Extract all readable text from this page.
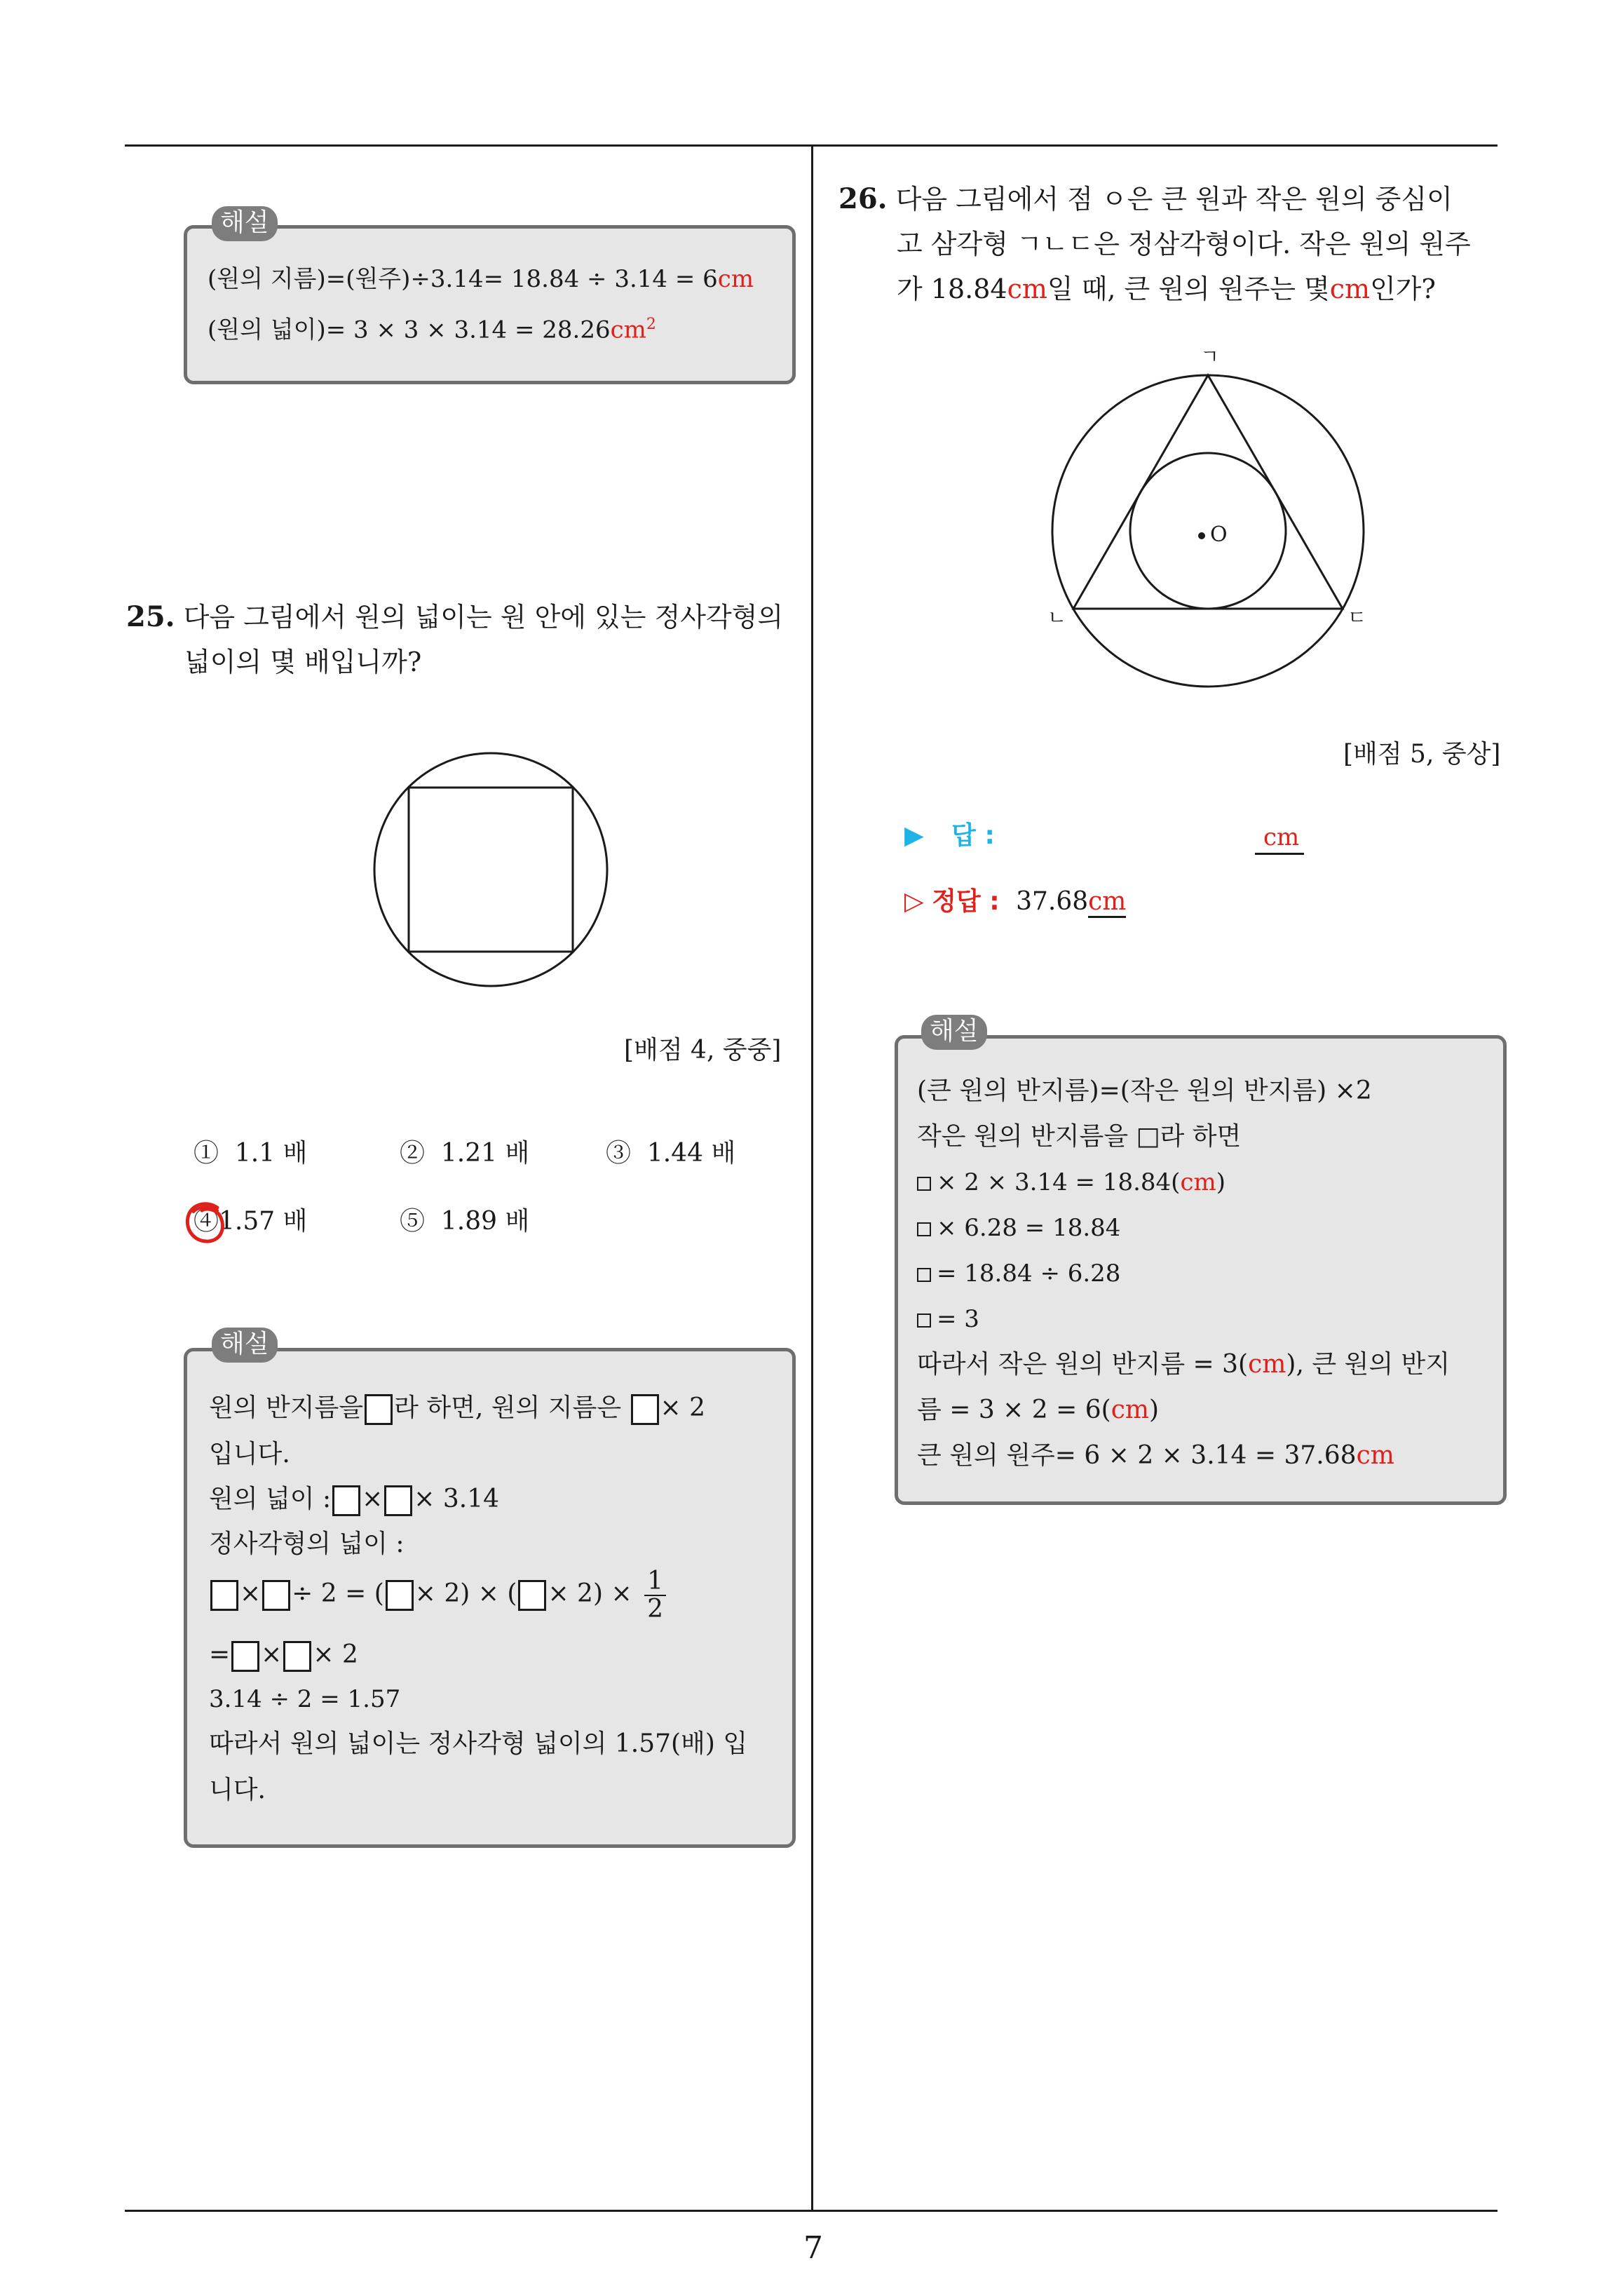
해설
(원의 지름)=(원주)÷3.14= 18.84 ÷ 3.14 = 6cm
(원의 넓이)= $3 \times 3 \times 3.14 = 28.26cm^2$
25. 다음 그림에서 원의 넓이는 원 안에 있는 정사각형의
넓이의 몇 배입니까?
[배점 4, 중중]
① 1.1 배	② 1.21 배	③ 1.44 배
④1.57 배	⑤ 1.89 배
해설
원의 반지름을 라 하면, 원의 지름은 × 2
입니다.
원의 넓이 : × × 3.14
정사각형의 넓이 :
× ÷ 2 = ( × 2) × ( × $2) \times \frac{1}{2}$
= × × 2
3.14 ÷ 2 = 1.57
따라서 원의 넓이는 정사각형 넓이의 1.57(배) 입
니다.
26. 다음 그림에서 점 ㅇ은 큰 원과 작은 원의 중심이
고 삼각형 ㄱㄴㄷ은 정삼각형이다. 작은 원의 원주
가 18.84cm일 때, 큰 원의 원주는 몇cm인가?
O
ㄱ
ㄴ	ㄷ
[배점 5, 중상]
▶ 답 :	cm
▷ 정답 : 37.68cm
해설
(큰 원의 반지름)=(작은 원의 반지름) ×2
작은 원의 반지름을 □라 하면
× 2 × 3.14 = 18.84(cm)
× 6.28 = 18.84
= 18.84 ÷ 6.28
= 3
따라서 작은 원의 반지름 = 3(cm), 큰 원의 반지
름 = 3 × 2 = 6(cm)
큰 원의 원주= 6 × 2 × 3.14 = 37.68cm
7
